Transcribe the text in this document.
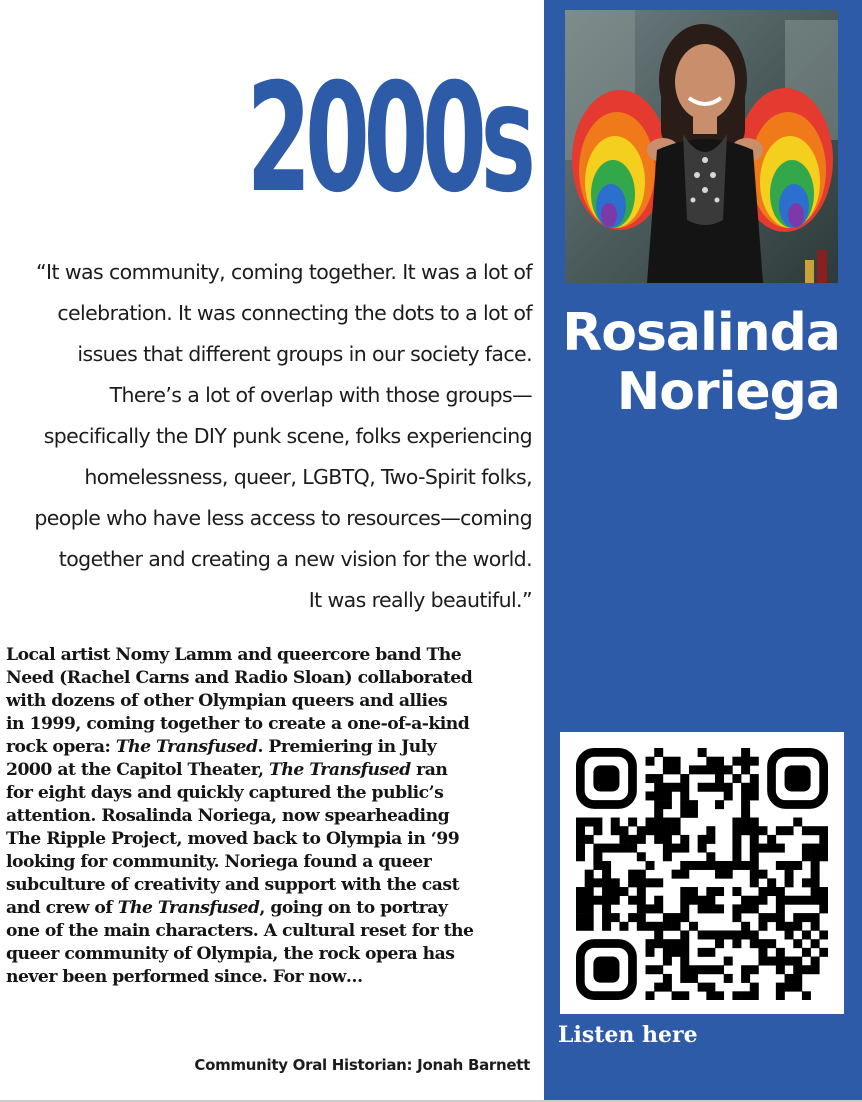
2000s

“It was community, coming together. It was a lot of
celebration. It was connecting the dots to a lot of
issues that different groups in our society face.
There’s a lot of overlap with those groups—
specifically the DIY punk scene, folks experiencing
homelessness, queer, LGBTQ, Two-Spirit folks,
people who have less access to resources—coming
together and creating a new vision for the world.
It was really beautiful.”

Local artist Nomy Lamm and queercore band The
Need (Rachel Carns and Radio Sloan) collaborated
with dozens of other Olympian queers and allies
in 1999, coming together to create a one-of-a-kind
rock opera: The Transfused. Premiering in July
2000 at the Capitol Theater, The Transfused ran
for eight days and quickly captured the public’s
attention. Rosalinda Noriega, now spearheading
The Ripple Project, moved back to Olympia in ‘99
looking for community. Noriega found a queer
subculture of creativity and support with the cast
and crew of The Transfused, going on to portray
one of the main characters. A cultural reset for the
queer community of Olympia, the rock opera has
never been performed since. For now…
Community Oral Historian: Jonah Barnett
Rosalinda
Noriega
Listen here
